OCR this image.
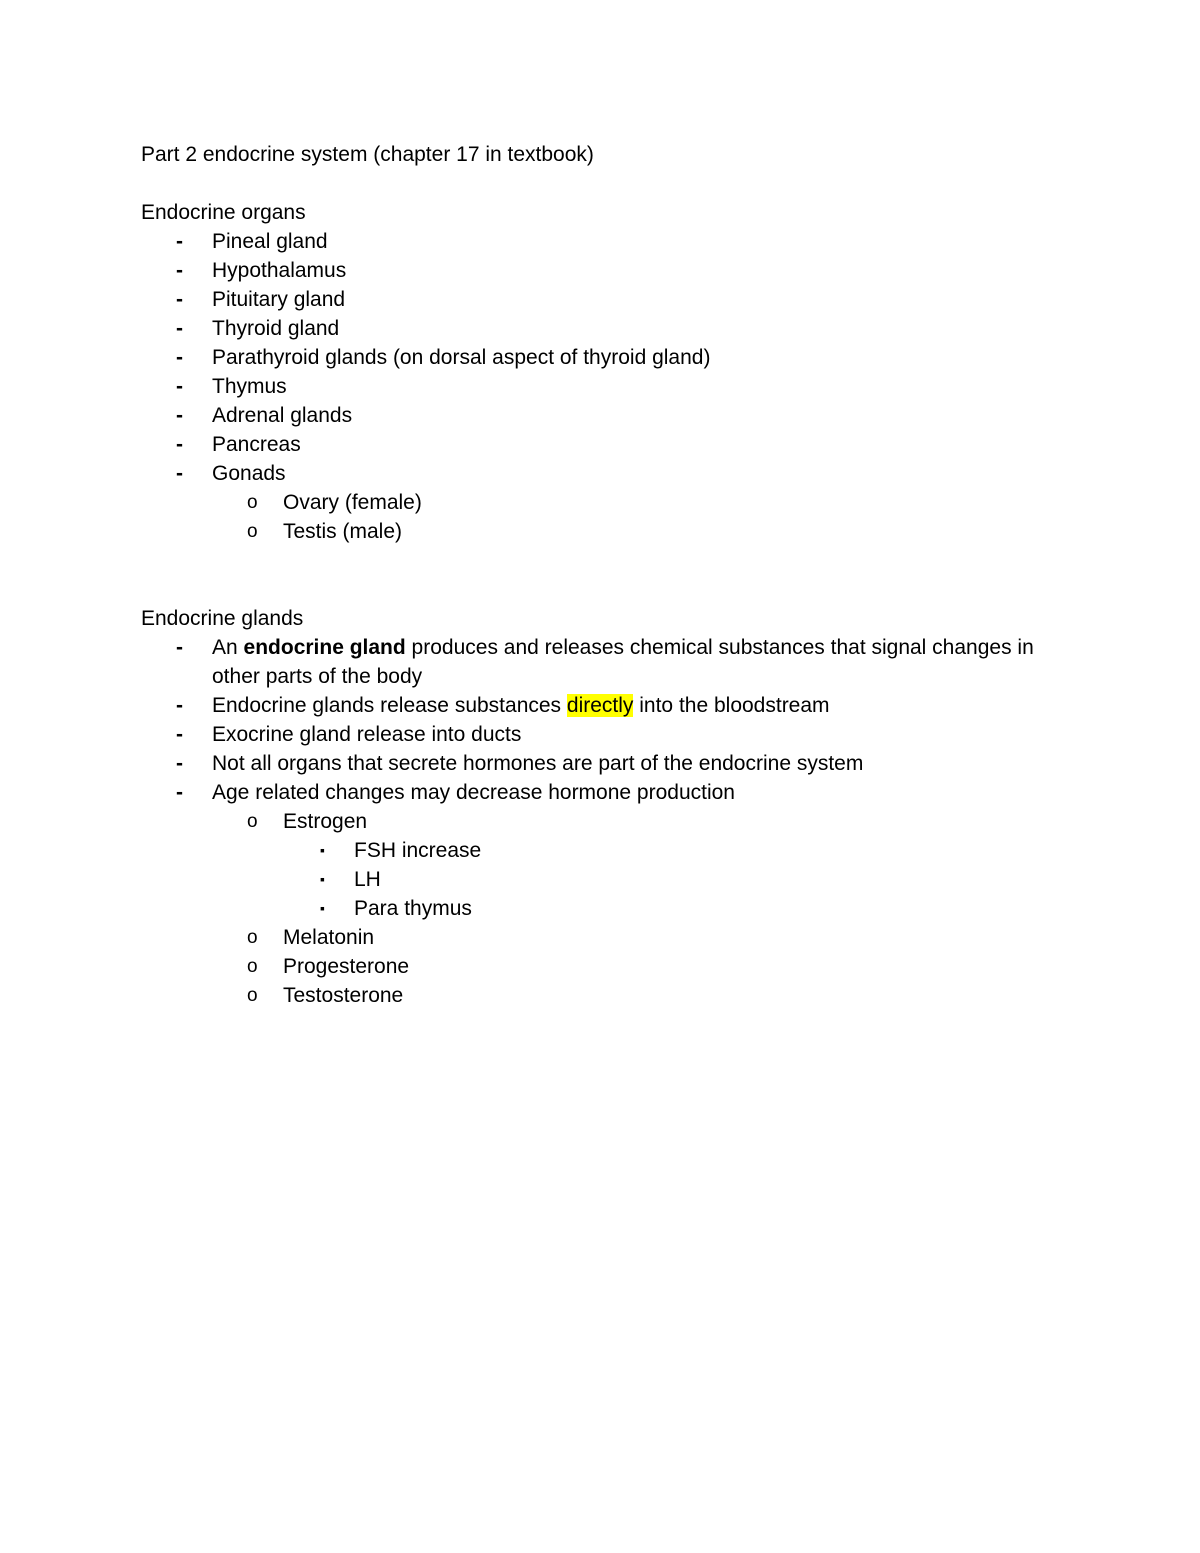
Part 2 endocrine system (chapter 17 in textbook)
Endocrine organs
- Pineal gland
- Hypothalamus
- Pituitary gland
- Thyroid gland
- Parathyroid glands (on dorsal aspect of thyroid gland)
- Thymus
- Adrenal glands
- Pancreas
- Gonads
o Ovary (female)
o Testis (male)
Endocrine glands
- An endocrine gland produces and releases chemical substances that signal changes in other parts of the body
- Endocrine glands release substances directly into the bloodstream
- Exocrine gland release into ducts
- Not all organs that secrete hormones are part of the endocrine system
- Age related changes may decrease hormone production
o Estrogen
▪ FSH increase
▪ LH
▪ Para thymus
o Melatonin
o Progesterone
o Testosterone
